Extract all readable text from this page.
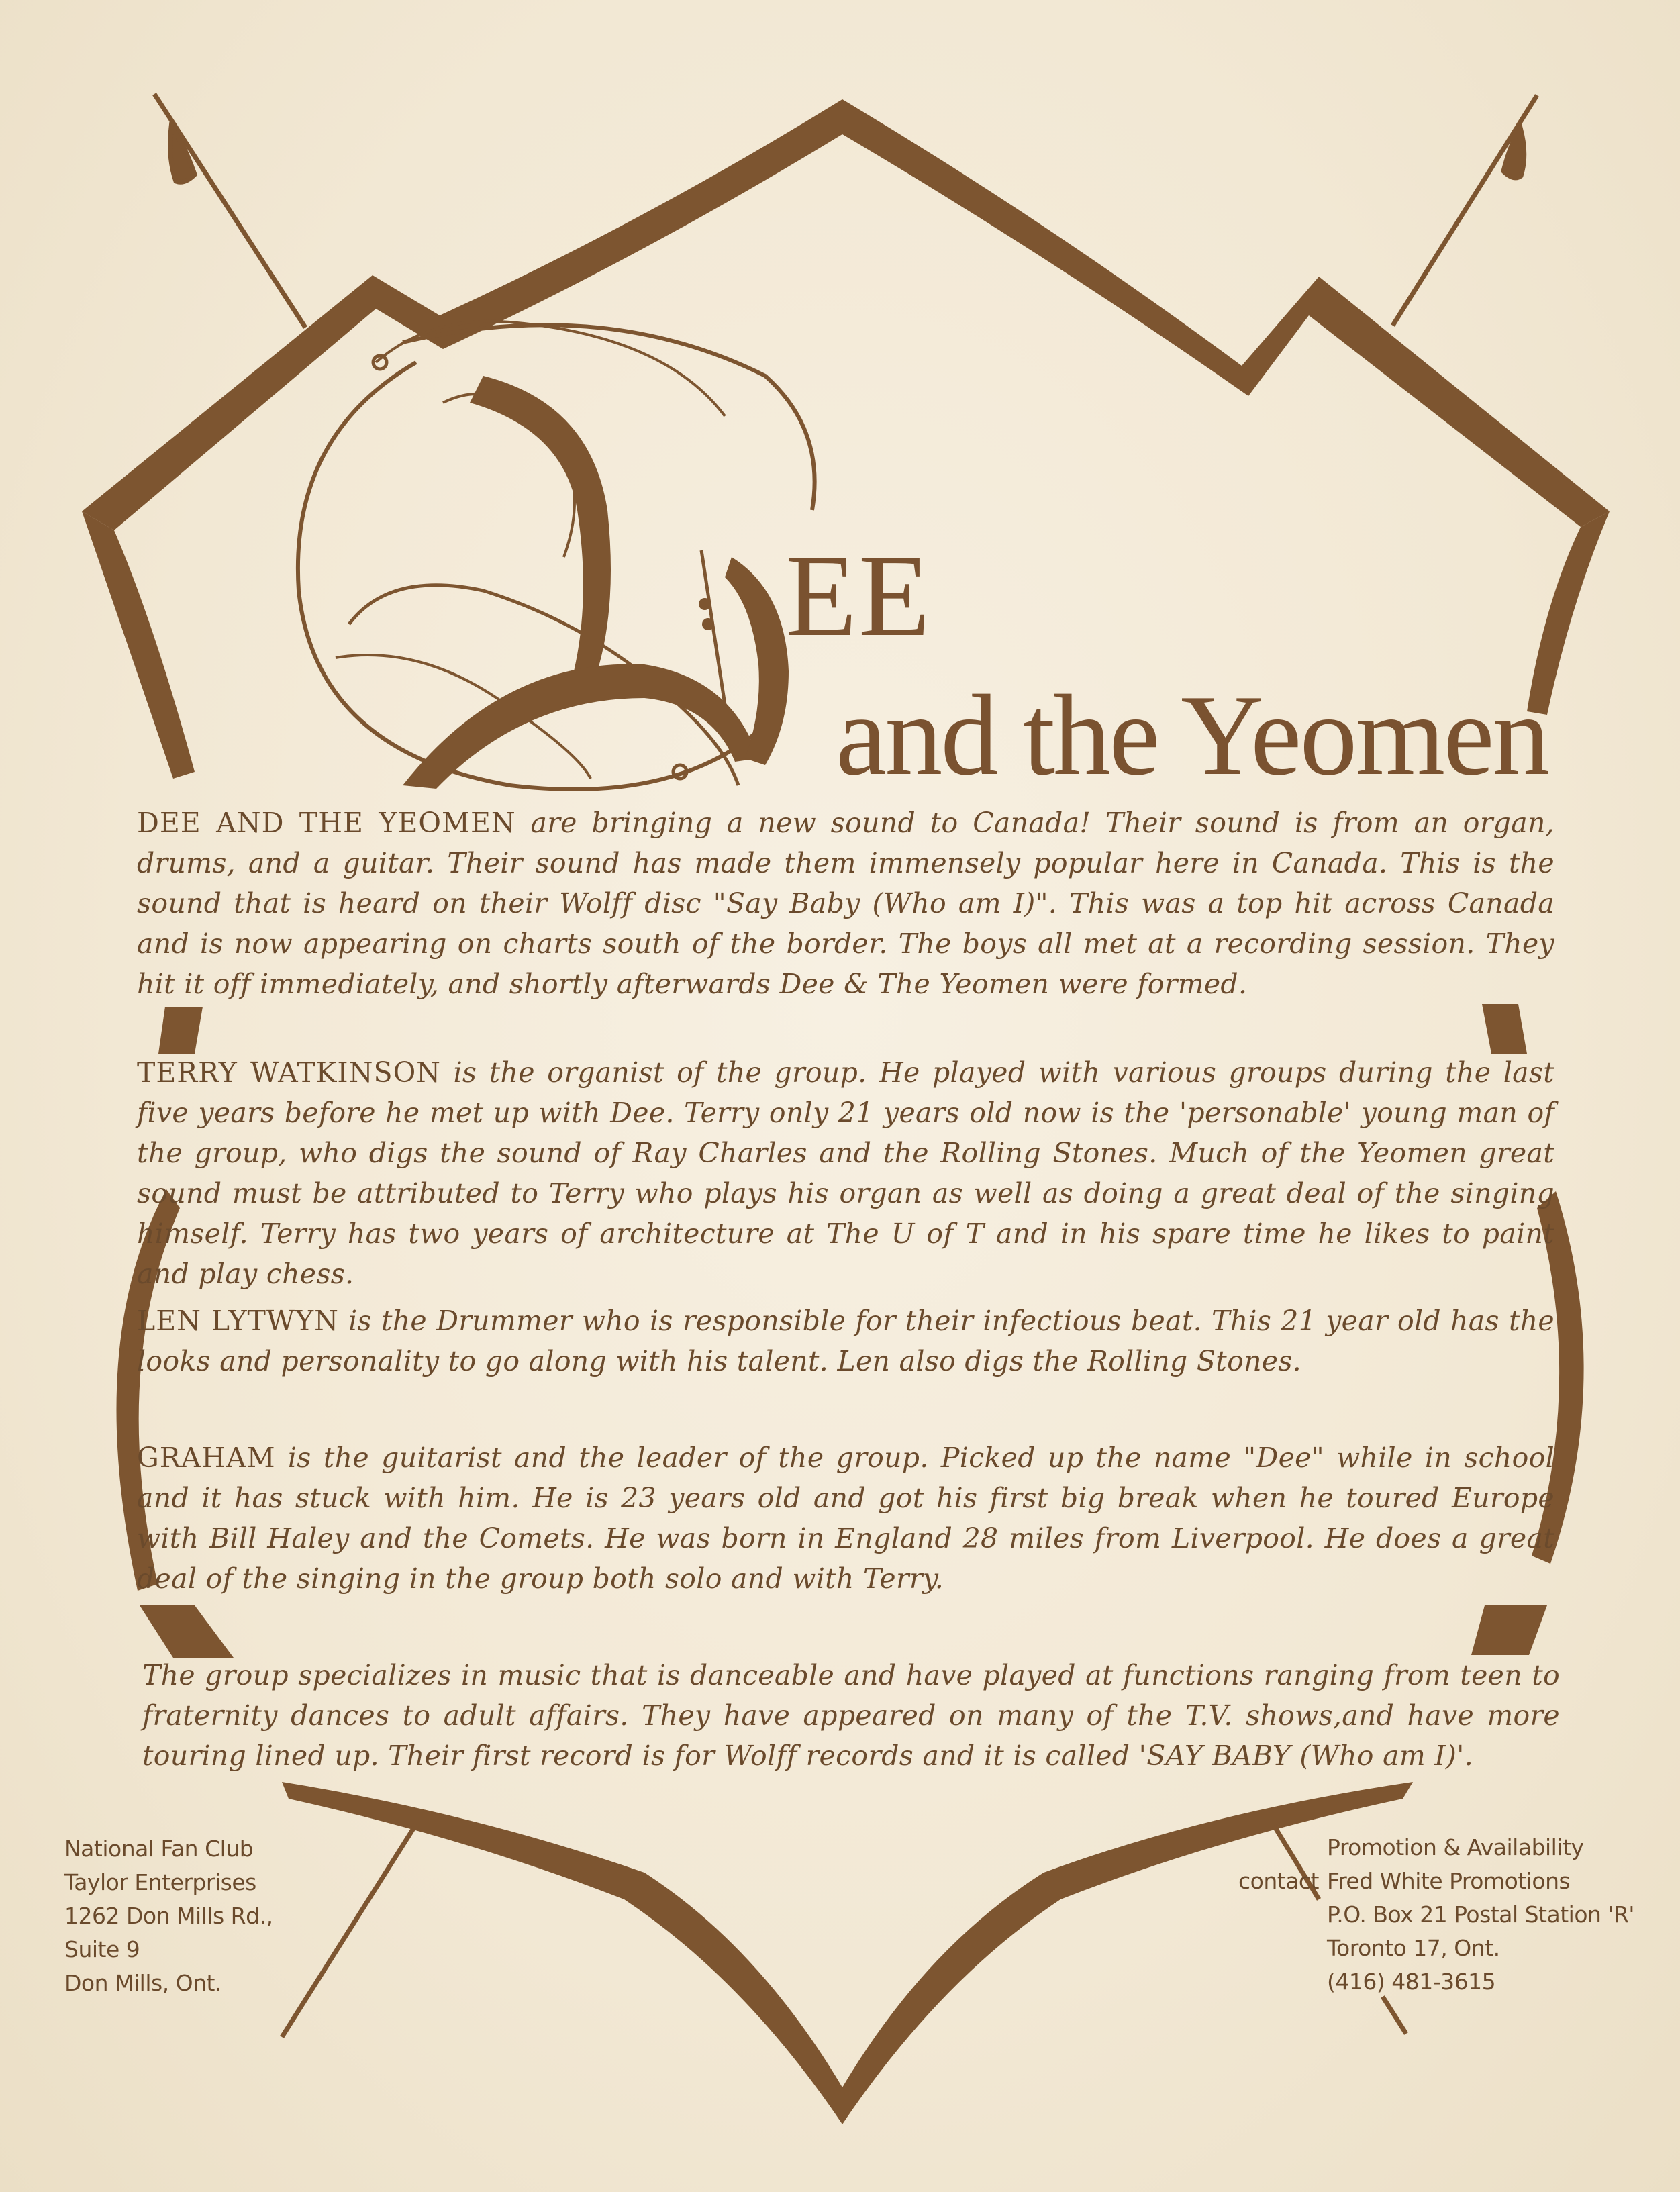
EE
and the Yeomen

DEE AND THE YEOMEN are bringing a new sound to Canada! Their sound is from an organ, drums, and a guitar. Their sound has made them immensely popular here in Canada. This is the sound that is heard on their Wolff disc "Say Baby (Who am I)". This was a top hit across Canada and is now appearing on charts south of the border. The boys all met at a recording session. They hit it off immediately, and shortly afterwards Dee & The Yeomen were formed.

TERRY WATKINSON is the organist of the group. He played with various groups during the last five years before he met up with Dee. Terry only 21 years old now is the 'personable' young man of the group, who digs the sound of Ray Charles and the Rolling Stones. Much of the Yeomen great sound must be attributed to Terry who plays his organ as well as doing a great deal of the singing himself. Terry has two years of architecture at The U of T and in his spare time he likes to paint and play chess.

LEN LYTWYN is the Drummer who is responsible for their infectious beat. This 21 year old has the looks and personality to go along with his talent. Len also digs the Rolling Stones.

GRAHAM is the guitarist and the leader of the group. Picked up the name "Dee" while in school and it has stuck with him. He is 23 years old and got his first big break when he toured Europe with Bill Haley and the Comets. He was born in England 28 miles from Liverpool. He does a great deal of the singing in the group both solo and with Terry.

The group specializes in music that is danceable and have played at functions ranging from teen to fraternity dances to adult affairs. They have appeared on many of the T.V. shows,and have more touring lined up. Their first record is for Wolff records and it is called 'SAY BABY (Who am I)'.

National Fan Club
Taylor Enterprises
1262 Don Mills Rd.,
Suite 9
Don Mills, Ont.
contact
Promotion & Availability
Fred White Promotions
P.O. Box 21 Postal Station 'R'
Toronto 17, Ont.
(416) 481-3615
